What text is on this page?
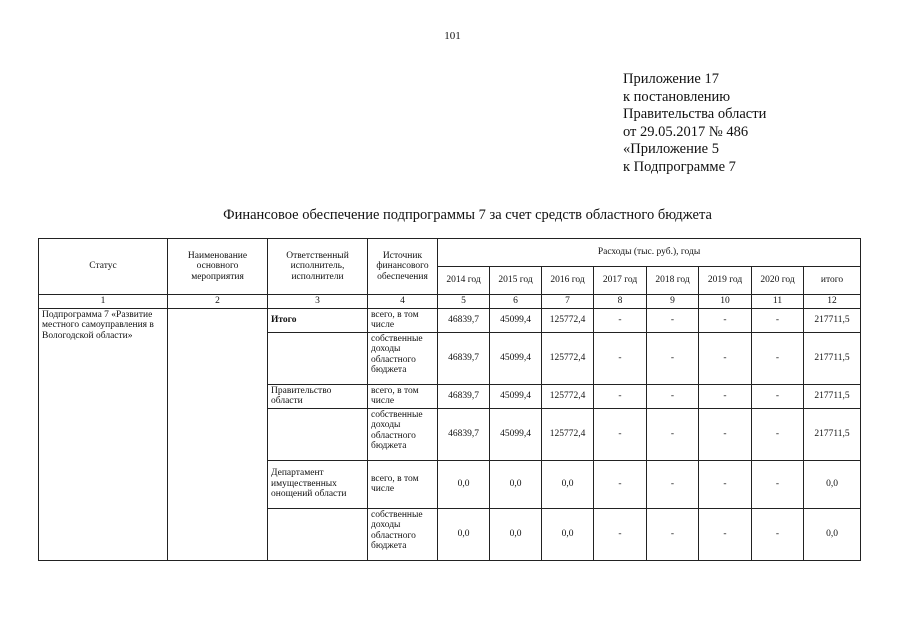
101
Приложение 17
к постановлению
Правительства области
от 29.05.2017 № 486
«Приложение 5
к Подпрограмме 7
Финансовое обеспечение подпрограммы 7 за счет средств областного бюджета
Статус	Наименование основного мероприятия	Ответственный исполнитель, исполнители	Источник финансового обеспечения	Расходы (тыс. руб.), годы							
				2014 год	2015 год	2016 год	2017 год	2018 год	2019 год	2020 год	итого
1	2	3	4	5	6	7	8	9	10	11	12
Подпрограмма 7 «Развитие местного самоуправления в Вологодской области»		Итого	всего, в том числе	46839,7	45099,4	125772,4	-	-	-	-	217711,5
			собственные доходы областного бюджета	46839,7	45099,4	125772,4	-	-	-	-	217711,5
		Правительство области	всего, в том числе	46839,7	45099,4	125772,4	-	-	-	-	217711,5
			собственные доходы областного бюджета	46839,7	45099,4	125772,4	-	-	-	-	217711,5
		Департамент имущественных онощений области	всего, в том числе	0,0	0,0	0,0	-	-	-	-	0,0
			собственные доходы областного бюджета	0,0	0,0	0,0	-	-	-	-	0,0
